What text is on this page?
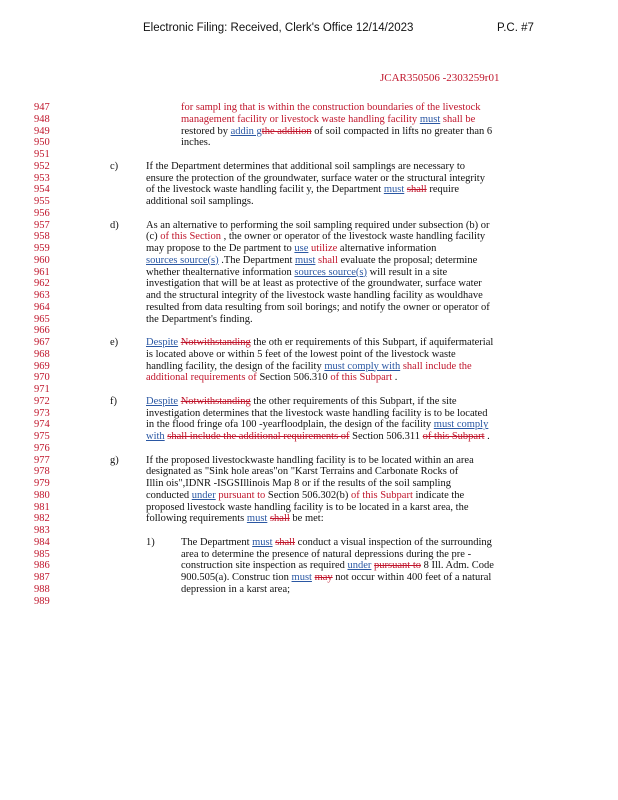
Electronic Filing: Received, Clerk's Office 12/14/2023	P.C. #7
JCAR350506 -2303259r01
947
948
949
950
951
952
953
954
955
956
957
958
959
960
961
962
963
964
965
966
967
968
969
970
971
972
973
974
975
976
977
978
979
980
981
982
983
984
985
986
987
988
989
for sampl ing that is within the construction boundaries of the livestock
management facility or livestock waste handling facility must shall be
restored by addin gthe addition of soil compacted in lifts no greater than 6
inches.
c)	If the Department determines that additional soil samplings are necessary to
ensure the protection of the groundwater, surface water or the structural integrity
of the livestock waste handling facilit y, the Department must shall require
additional soil samplings.
d)	As an alternative to performing the soil sampling required under subsection (b) or
(c) of this Section , the owner or operator of the livestock waste handling facility
may propose to the De partment to use utilize alternative information
sources source(s) .The Department must shall evaluate the proposal; determine
whether thealternative information sources source(s) will result in a site
investigation that will be at least as protective of the groundwater, surface water
and the structural integrity of the livestock waste handling facility as wouldhave
resulted from data resulting from soil borings; and notify the owner or operator of
the Department's finding.
e)	Despite Notwithstanding the oth er requirements of this Subpart, if aquifermaterial
is located above or within 5 feet of the lowest point of the livestock waste
handling facility, the design of the facility must comply with shall include the
additional requirements of Section 506.310 of this Subpart .
f)	Despite Notwithstanding the other requirements of this Subpart, if the site
investigation determines that the livestock waste handling facility is to be located
in the flood fringe ofa 100 -yearfloodplain, the design of the facility must comply
with shall include the additional requirements of Section 506.311 of this Subpart .
g)	If the proposed livestockwaste handling facility is to be located within an area
designated as "Sink hole areas"on "Karst Terrains and Carbonate Rocks of
Illin ois",IDNR -ISGSIllinois Map 8 or if the results of the soil sampling
conducted under pursuant to Section 506.302(b) of this Subpart indicate the
proposed livestock waste handling facility is to be located in a karst area, the
following requirements must shall be met:
1)	The Department must shall conduct a visual inspection of the surrounding
area to determine the presence of natural depressions during the pre -
construction site inspection as required under pursuant to 8 Ill. Adm. Code
900.505(a). Construc tion must may not occur within 400 feet of a natural
depression in a karst area;
